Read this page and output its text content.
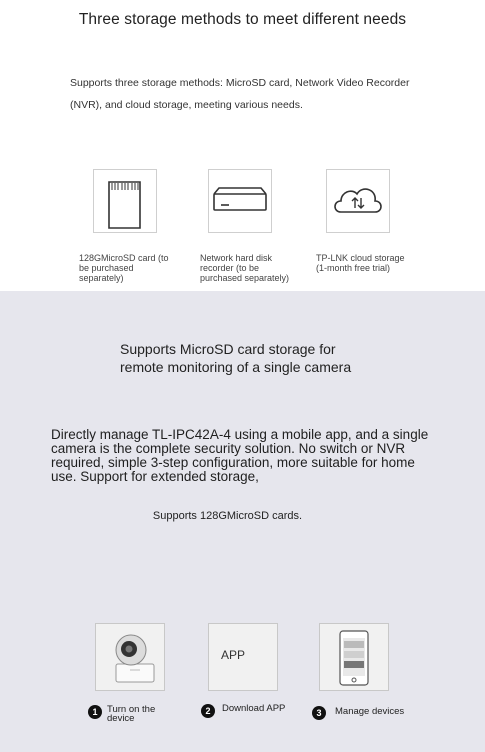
Three storage methods to meet different needs
Supports three storage methods: MicroSD card, Network Video Recorder (NVR), and cloud storage, meeting various needs.
128GMicroSD card (to be purchased separately)
Network hard disk recorder (to be purchased separately)
TP-LNK cloud storage (1-month free trial)
Supports MicroSD card storage for remote monitoring of a single camera
Directly manage TL-IPC42A-4 using a mobile app, and a single camera is the complete security solution. No switch or NVR required, simple 3-step configuration, more suitable for home use. Support for extended storage,
Supports 128GMicroSD cards.
1	Turn on the device
APP
2	Download APP	3	Manage devices
